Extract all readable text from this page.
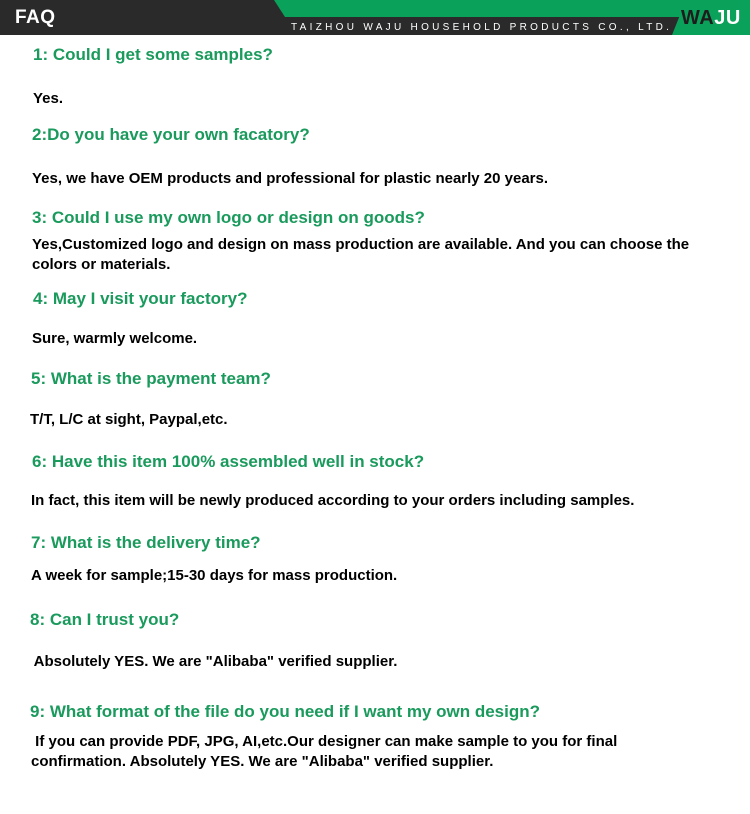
FAQ	TAIZHOU WAJU HOUSEHOLD PRODUCTS CO., LTD. WAJU
1: Could I get some samples?
Yes.
2:Do you have your own facatory?
Yes, we have OEM products and professional for plastic nearly 20 years.
3: Could I use my own logo or design on goods?
Yes,Customized logo and design on mass production are available. And you can choose the colors or materials.
4: May I visit your factory?
Sure, warmly welcome.
5: What is the payment team?
T/T, L/C at sight, Paypal,etc.
6: Have this item 100% assembled well in stock?
In fact, this item will be newly produced according to your orders including samples.
7: What is the delivery time?
A week for sample;15-30 days for mass production.
8: Can I trust you?
Absolutely YES. We are "Alibaba" verified supplier.
9: What format of the file do you need if I want my own design?
If you can provide PDF, JPG, AI,etc.Our designer can make sample to you for final confirmation. Absolutely YES. We are "Alibaba" verified supplier.
